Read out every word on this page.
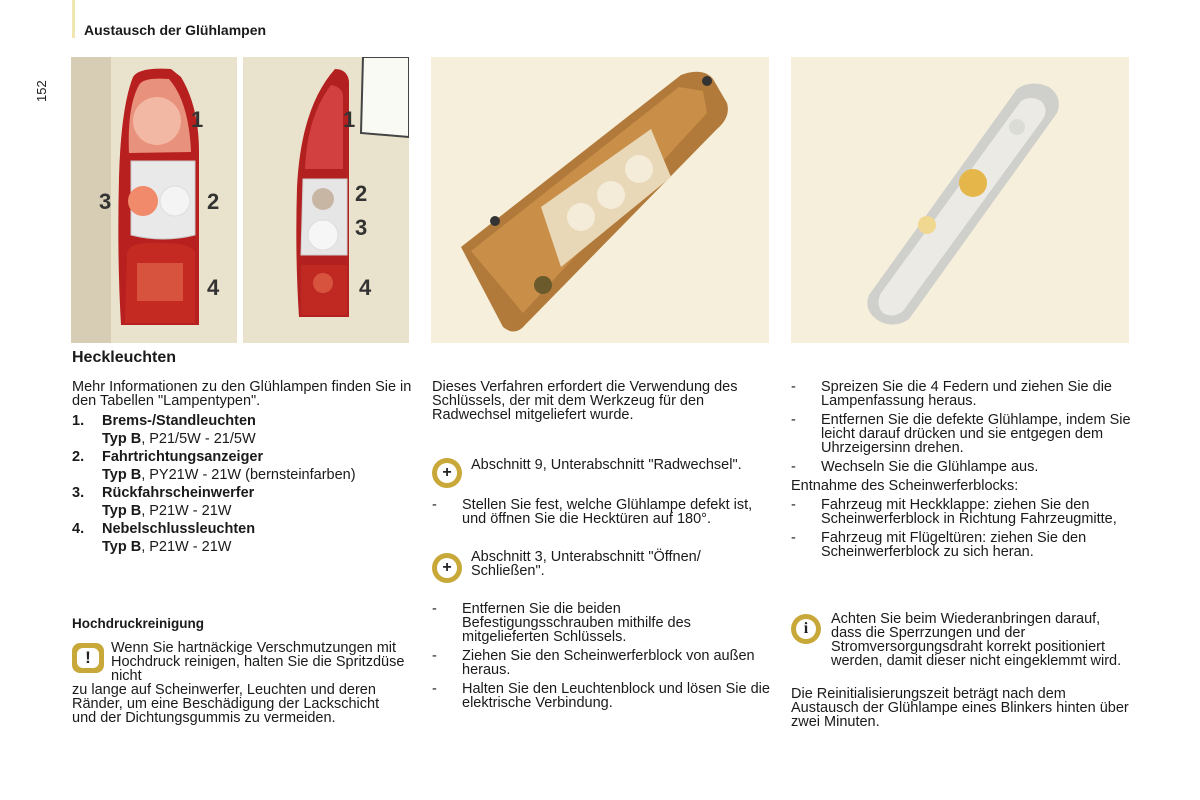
Austausch der Glühlampen
152
1
3	2
4
1
2
3
4
Heckleuchten

Mehr Informationen zu den Glühlampen finden Sie in den Tabellen "Lampentypen".

1. Brems-/Standleuchten
Typ B, P21/5W - 21/5W
2. Fahrtrichtungsanzeiger
Typ B, PY21W - 21W (bernsteinfarben)
3. Rückfahrscheinwerfer
Typ B, P21W - 21W
4. Nebelschlussleuchten
Typ B, P21W - 21W
Hochdruckreinigung
!	Wenn Sie hartnäckige Verschmutzungen mit Hochdruck reinigen, halten Sie die Spritzdüse nicht
zu lange auf Scheinwerfer, Leuchten und deren Ränder, um eine Beschädigung der Lackschicht und der Dichtungsgummis zu vermeiden.
Dieses Verfahren erfordert die Verwendung des Schlüssels, der mit dem Werkzeug für den Radwechsel mitgeliefert wurde.
+	Abschnitt 9, Unterabschnitt "Radwechsel".
- Stellen Sie fest, welche Glühlampe defekt ist, und öffnen Sie die Hecktüren auf 180°.
+
Abschnitt 3, Unterabschnitt "Öffnen/ Schließen".
- Entfernen Sie die beiden Befestigungsschrauben mithilfe des mitgelieferten Schlüssels.
- Ziehen Sie den Scheinwerferblock von außen heraus.
- Halten Sie den Leuchtenblock und lösen Sie die elektrische Verbindung.
- Spreizen Sie die 4 Federn und ziehen Sie die Lampenfassung heraus.
- Entfernen Sie die defekte Glühlampe, indem Sie leicht darauf drücken und sie entgegen dem Uhrzeigersinn drehen.
- Wechseln Sie die Glühlampe aus.

Entnahme des Scheinwerferblocks:

- Fahrzeug mit Heckklappe: ziehen Sie den Scheinwerferblock in Richtung Fahrzeugmitte,
- Fahrzeug mit Flügeltüren: ziehen Sie den Scheinwerferblock zu sich heran.
i
Achten Sie beim Wiederanbringen darauf, dass die Sperrzungen und der Stromversorgungsdraht korrekt positioniert werden, damit dieser nicht eingeklemmt wird.
Die Reinitialisierungszeit beträgt nach dem Austausch der Glühlampe eines Blinkers hinten über zwei Minuten.
